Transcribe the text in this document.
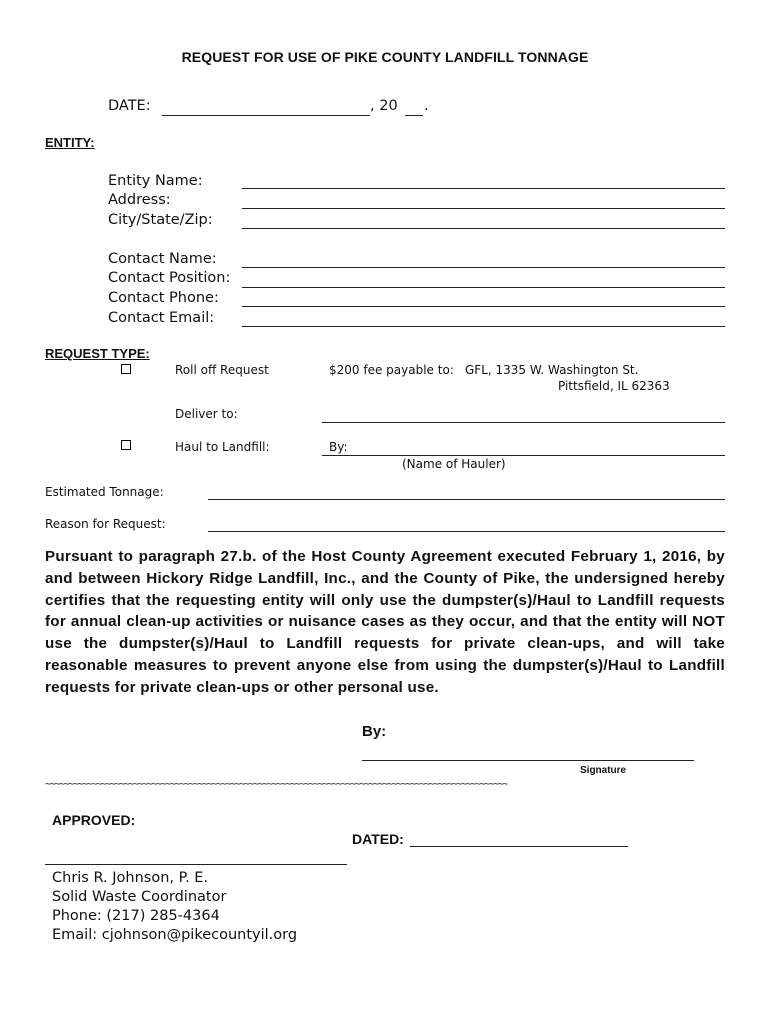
REQUEST FOR USE OF PIKE COUNTY LANDFILL TONNAGE
DATE:	, 20 .
ENTITY:
Entity Name:
Address:
City/State/Zip:
Contact Name:
Contact Position:
Contact Phone:
Contact Email:
REQUEST TYPE:
Roll off Request	$200 fee payable to: GFL, 1335 W. Washington St.
Pittsfield, IL 62363
Deliver to:
Haul to Landfill:	By:
(Name of Hauler)
Estimated Tonnage:
Reason for Request:
Pursuant to paragraph 27.b. of the Host County Agreement executed February 1, 2016, by and between Hickory Ridge Landfill, Inc., and the County of Pike, the undersigned hereby certifies that the requesting entity will only use the dumpster(s)/Haul to Landfill requests for annual clean-up activities or nuisance cases as they occur, and that the entity will NOT use the dumpster(s)/Haul to Landfill requests for private clean-ups, and will take reasonable measures to prevent anyone else from using the dumpster(s)/Haul to Landfill requests for private clean-ups or other personal use.
By:
Signature
~~~~~~~~~~~~~~~~~~~~~~~~~~~~~~~~~~~~~~~~~~~~~~~~~~~~~~~~~~~~~~~~~~~~~~~~~~~~~~~~~~~~~~~~~~~~~~~~~~~~
APPROVED:
DATED:
Chris R. Johnson, P. E.
Solid Waste Coordinator
Phone: (217) 285-4364
Email: cjohnson@pikecountyil.org
